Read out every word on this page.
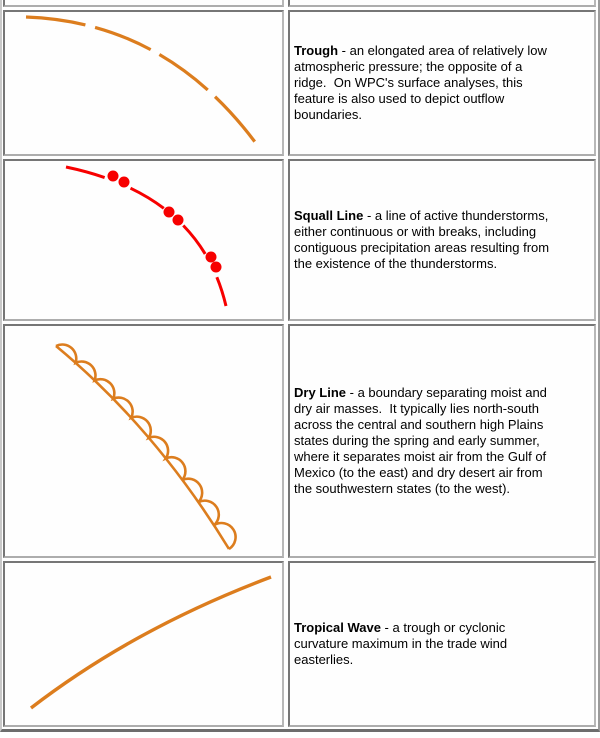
Trough - an elongated area of relatively low atmospheric pressure; the opposite of a ridge.  On WPC's surface analyses, this feature is also used to depict outflow boundaries.
Squall Line - a line of active thunderstorms, either continuous or with breaks, including contiguous precipitation areas resulting from the existence of the thunderstorms.
Dry Line - a boundary separating moist and dry air masses.  It typically lies north-south across the central and southern high Plains states during the spring and early summer, where it separates moist air from the Gulf of Mexico (to the east) and dry desert air from the southwestern states (to the west).
Tropical Wave - a trough or cyclonic curvature maximum in the trade wind easterlies.
